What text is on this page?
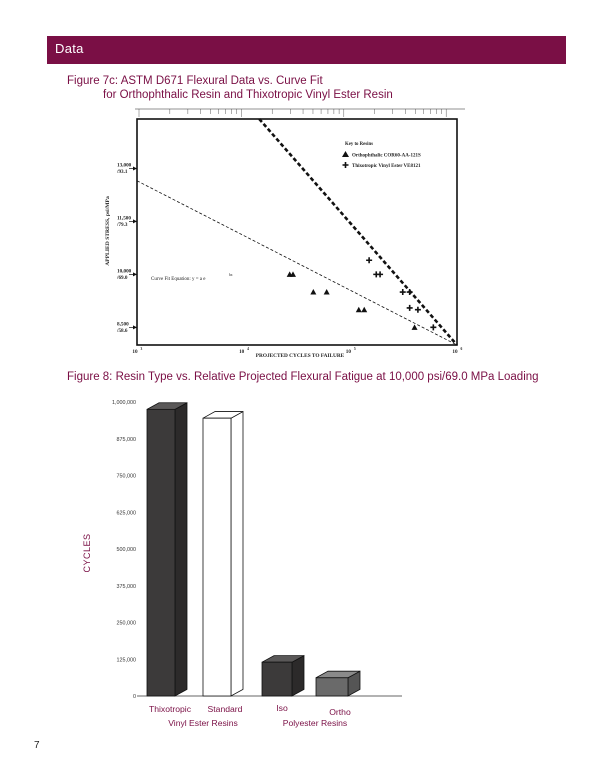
Data

Figure 7c: ASTM D671 Flexural Data vs. Curve Fit

for Orthophthalic Resin and Thixotropic Vinyl Ester Resin

13,000
/93.1
11,500
/79.3
10,000
/69.0
8,500
/58.6
10 3	10 4	10 5	10 6
Key to Resins
Orthophthalic COR60-AA-121S
Thixotropic Vinyl Ester VE8121
Curve Fit Equation: y = a e
bx
APPLIED STRESS, psi/MPa
PROJECTED CYCLES TO FAILURE

Figure 8: Resin Type vs. Relative Projected Flexural Fatigue at 10,000 psi/69.0 MPa Loading

0
125,000
250,000
375,000
500,000
625,000
750,000
875,000
1,000,000
Thixotropic Standard	Iso	Ortho
Vinyl Ester Resins	Polyester Resins
CYCLES
7
